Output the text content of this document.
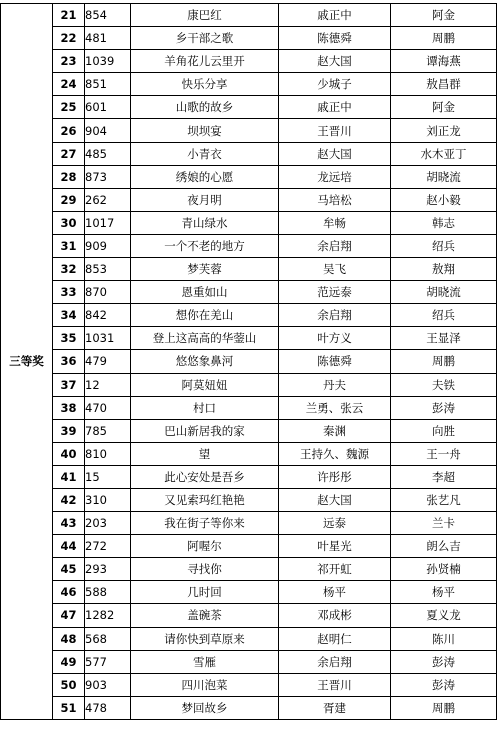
三等奖	21	854	康巴红	戚正中	阿金
	22	481	乡干部之歌	陈德舜	周鹏
	23	1039	羊角花儿云里开	赵大国	谭海燕
	24	851	快乐分享	少城子	敖昌群
	25	601	山歌的故乡	戚正中	阿金
	26	904	坝坝宴	王晋川	刘正龙
	27	485	小青衣	赵大国	水木亚丁
	28	873	绣娘的心愿	龙远培	胡晓流
	29	262	夜月明	马培松	赵小毅
	30	1017	青山绿水	牟畅	韩志
	31	909	一个不老的地方	余启翔	绍兵
	32	853	梦芙蓉	吴飞	敖翔
	33	870	恩重如山	范远泰	胡晓流
	34	842	想你在羌山	余启翔	绍兵
	35	1031	登上这高高的华蓥山	叶方义	王显泽
	36	479	悠悠象鼻河	陈德舜	周鹏
	37	12	阿莫妞妞	丹夫	夫铁
	38	470	村口	兰勇、张云	彭涛
	39	785	巴山新居我的家	秦渊	向胜
	40	810	望	王持久、魏源	王一舟
	41	15	此心安处是吾乡	许彤彤	李超
	42	310	又见索玛红艳艳	赵大国	张艺凡
	43	203	我在街子等你来	远泰	兰卡
	44	272	阿喔尔	叶星光	朗么吉
	45	293	寻找你	祁开虹	孙贤楠
	46	588	几时回	杨平	杨平
	47	1282	盖碗茶	邓成彬	夏义龙
	48	568	请你快到草原来	赵明仁	陈川
	49	577	雪雁	余启翔	彭涛
	50	903	四川泡菜	王晋川	彭涛
	51	478	梦回故乡	胥建	周鹏
